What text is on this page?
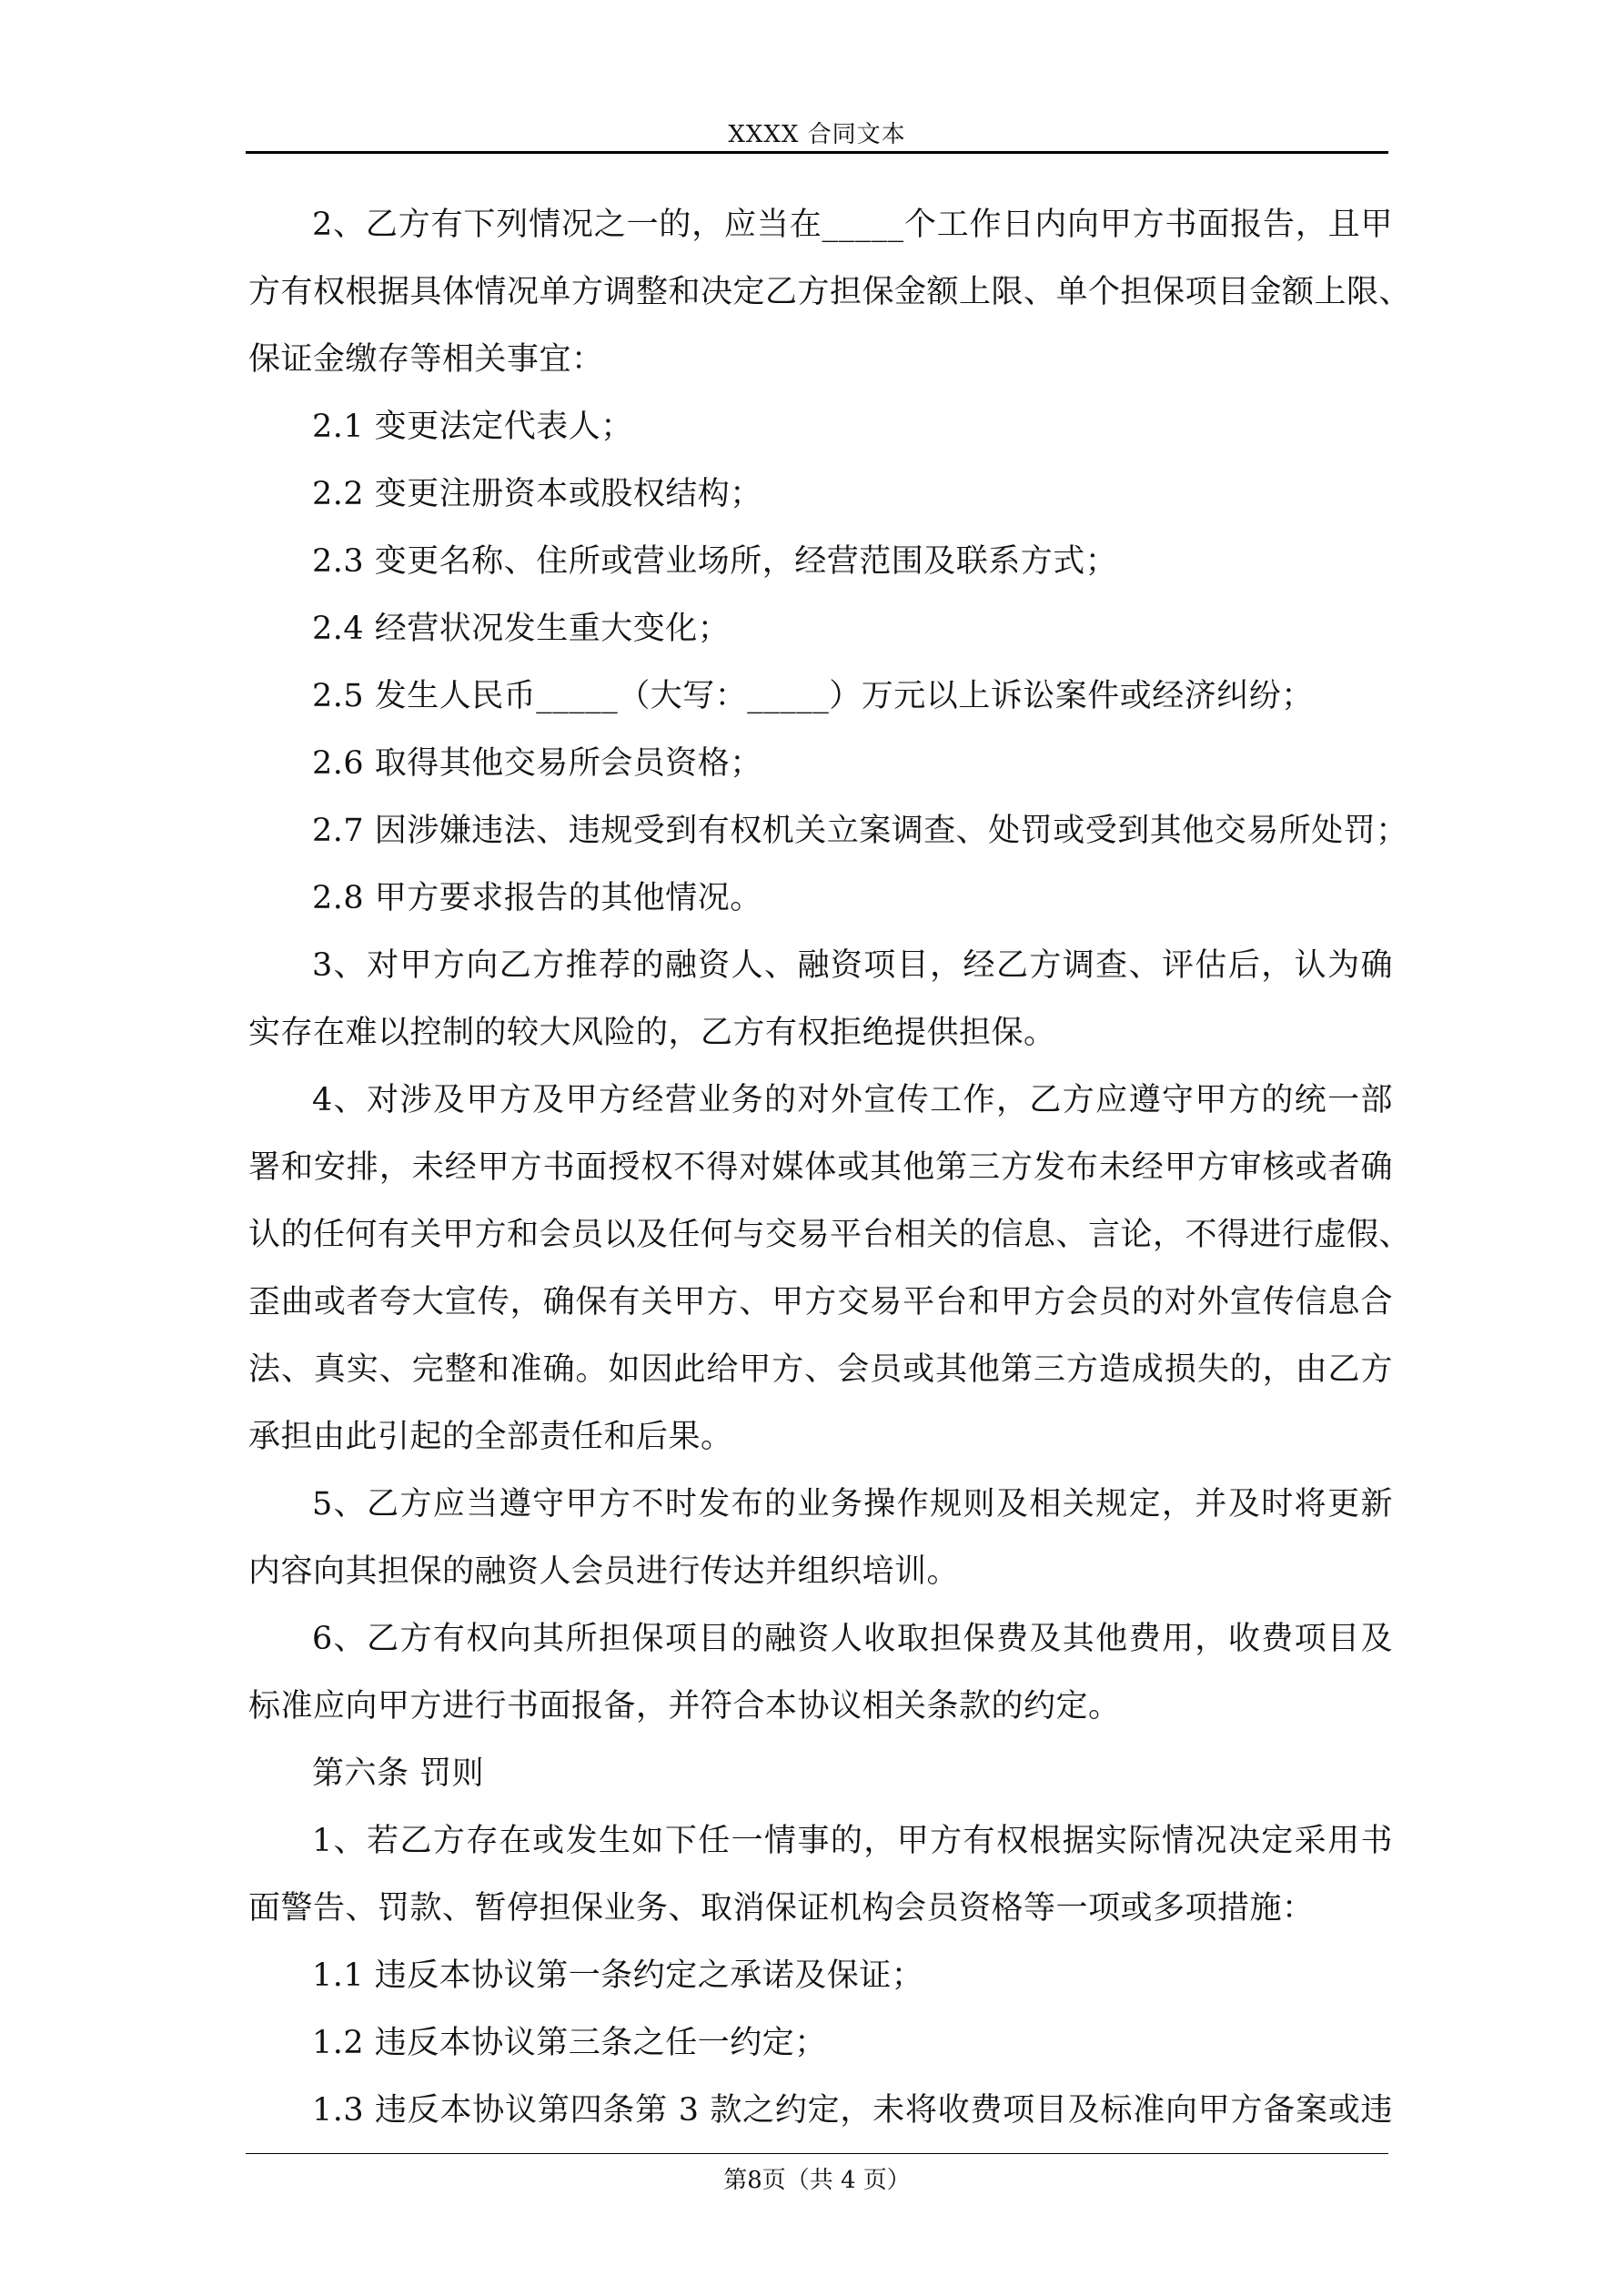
XXXX 合同文本
2、乙方有下列情况之一的，应当在_____个工作日内向甲方书面报告，且甲
方有权根据具体情况单方调整和决定乙方担保金额上限、单个担保项目金额上限、
保证金缴存等相关事宜：
2.1 变更法定代表人；
2.2 变更注册资本或股权结构；
2.3 变更名称、住所或营业场所，经营范围及联系方式；
2.4 经营状况发生重大变化；
2.5 发生人民币_____（大写：_____）万元以上诉讼案件或经济纠纷；
2.6 取得其他交易所会员资格；
2.7 因涉嫌违法、违规受到有权机关立案调查、处罚或受到其他交易所处罚；
2.8 甲方要求报告的其他情况。
3、对甲方向乙方推荐的融资人、融资项目，经乙方调查、评估后，认为确
实存在难以控制的较大风险的，乙方有权拒绝提供担保。
4、对涉及甲方及甲方经营业务的对外宣传工作，乙方应遵守甲方的统一部
署和安排，未经甲方书面授权不得对媒体或其他第三方发布未经甲方审核或者确
认的任何有关甲方和会员以及任何与交易平台相关的信息、言论，不得进行虚假、
歪曲或者夸大宣传，确保有关甲方、甲方交易平台和甲方会员的对外宣传信息合
法、真实、完整和准确。如因此给甲方、会员或其他第三方造成损失的，由乙方
承担由此引起的全部责任和后果。
5、乙方应当遵守甲方不时发布的业务操作规则及相关规定，并及时将更新
内容向其担保的融资人会员进行传达并组织培训。
6、乙方有权向其所担保项目的融资人收取担保费及其他费用，收费项目及
标准应向甲方进行书面报备，并符合本协议相关条款的约定。
第六条 罚则
1、若乙方存在或发生如下任一情事的，甲方有权根据实际情况决定采用书
面警告、罚款、暂停担保业务、取消保证机构会员资格等一项或多项措施：
1.1 违反本协议第一条约定之承诺及保证；
1.2 违反本协议第三条之任一约定；
1.3 违反本协议第四条第 3 款之约定，未将收费项目及标准向甲方备案或违
第8页（共 4 页）
